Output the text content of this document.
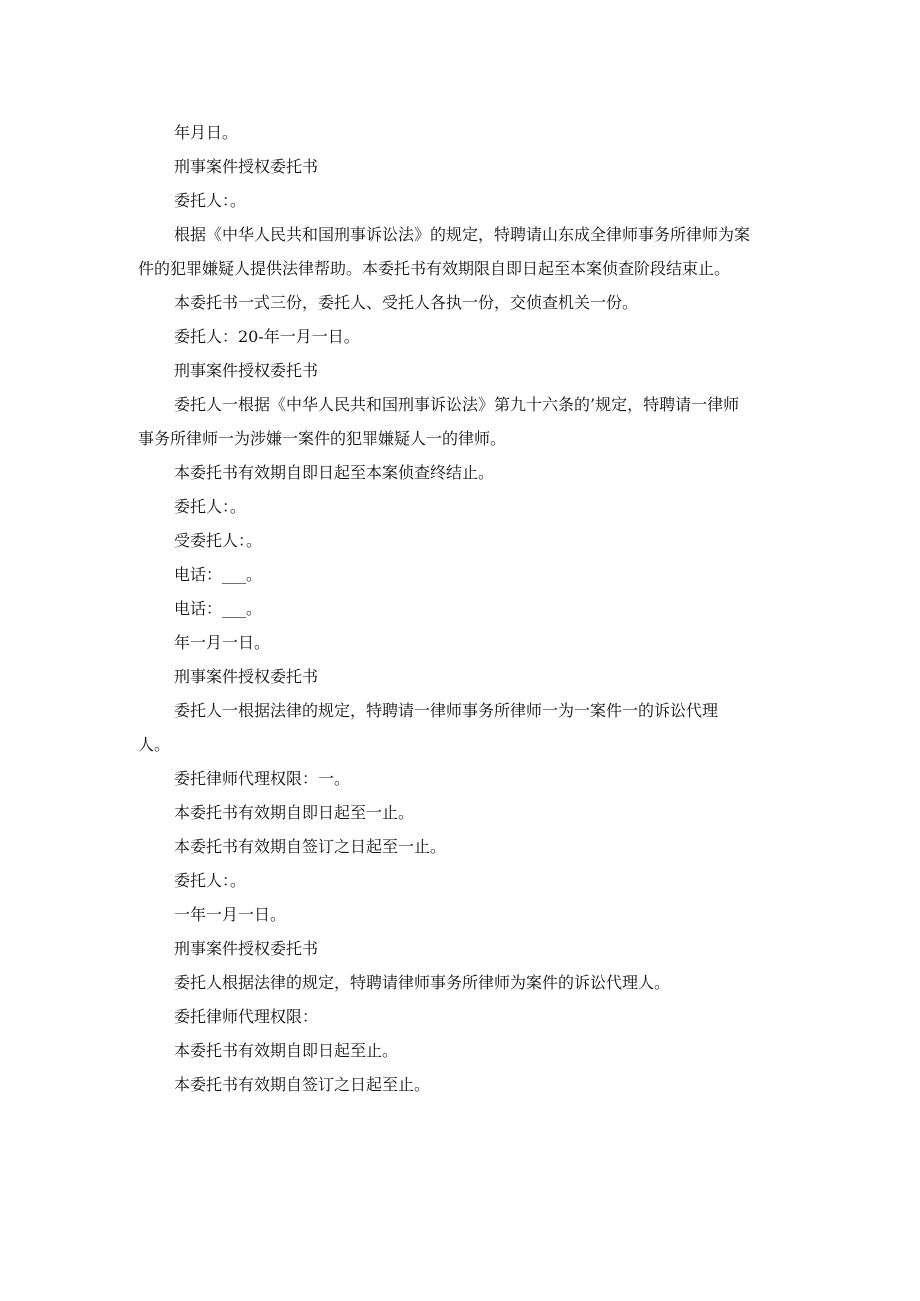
年月日。

刑事案件授权委托书

委托人：。

根据《中华人民共和国刑事诉讼法》的规定，特聘请山东成全律师事务所律师为案

件的犯罪嫌疑人提供法律帮助。本委托书有效期限自即日起至本案侦查阶段结束止。

本委托书一式三份，委托人、受托人各执一份，交侦查机关一份。

委托人：20-年一月一日。

刑事案件授权委托书

委托人一根据《中华人民共和国刑事诉讼法》第九十六条的’规定，特聘请一律师

事务所律师一为涉嫌一案件的犯罪嫌疑人一的律师。

本委托书有效期自即日起至本案侦查终结止。

委托人：。

受委托人：。

电话：___。

电话：___。

年一月一日。

刑事案件授权委托书

委托人一根据法律的规定，特聘请一律师事务所律师一为一案件一的诉讼代理

人。

委托律师代理权限：一。

本委托书有效期自即日起至一止。

本委托书有效期自签订之日起至一止。

委托人：。

一年一月一日。

刑事案件授权委托书

委托人根据法律的规定，特聘请律师事务所律师为案件的诉讼代理人。

委托律师代理权限：

本委托书有效期自即日起至止。

本委托书有效期自签订之日起至止。
